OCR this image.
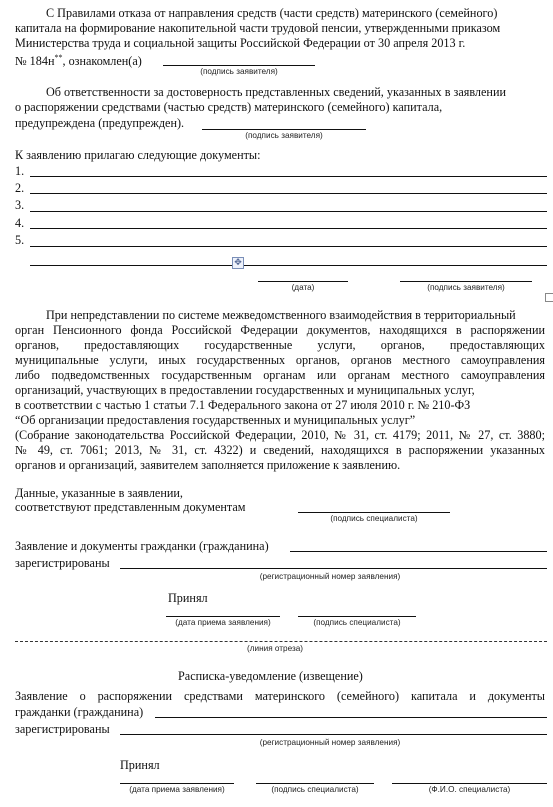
С Правилами отказа от направления средств (части средств) материнского (семейного)
капитала на формирование накопительной части трудовой пенсии, утвержденными приказом
Министерства труда и социальной защиты Российской Федерации от 30 апреля 2013 г.
№ 184н**, ознакомлен(а)
(подпись заявителя)
Об ответственности за достоверность представленных сведений, указанных в заявлении
о распоряжении средствами (частью средств) материнского (семейного) капитала,
предупреждена (предупрежден).
(подпись заявителя)
К заявлению прилагаю следующие документы:
1.
2.
3.
4.
5.
✥
(дата)	(подпись заявителя)
При непредставлении по системе межведомственного взаимодействия в территориальный
орган Пенсионного фонда Российской Федерации документов, находящихся в распоряжении
органов, предоставляющих государственные услуги, органов, предоставляющих
муниципальные услуги, иных государственных органов, органов местного самоуправления
либо подведомственных государственным органам или органам местного самоуправления
организаций, участвующих в предоставлении государственных и муниципальных услуг,
в соответствии с частью 1 статьи 7.1 Федерального закона от 27 июля 2010 г. № 210-ФЗ
“Об организации предоставления государственных и муниципальных услуг”
(Собрание законодательства Российской Федерации, 2010, № 31, ст. 4179; 2011, № 27, ст. 3880;
№ 49, ст. 7061; 2013, № 31, ст. 4322) и сведений, находящихся в распоряжении указанных
органов и организаций, заявителем заполняется приложение к заявлению.
Данные, указанные в заявлении,
соответствуют представленным документам
(подпись специалиста)
Заявление и документы гражданки (гражданина)
зарегистрированы
(регистрационный номер заявления)
Принял
(дата приема заявления)	(подпись специалиста)
(линия отреза)
Расписка-уведомление (извещение)
Заявление о распоряжении средствами материнского (семейного) капитала и документы
гражданки (гражданина)
зарегистрированы
(регистрационный номер заявления)
Принял
(дата приема заявления)	(подпись специалиста)	(Ф.И.О. специалиста)
